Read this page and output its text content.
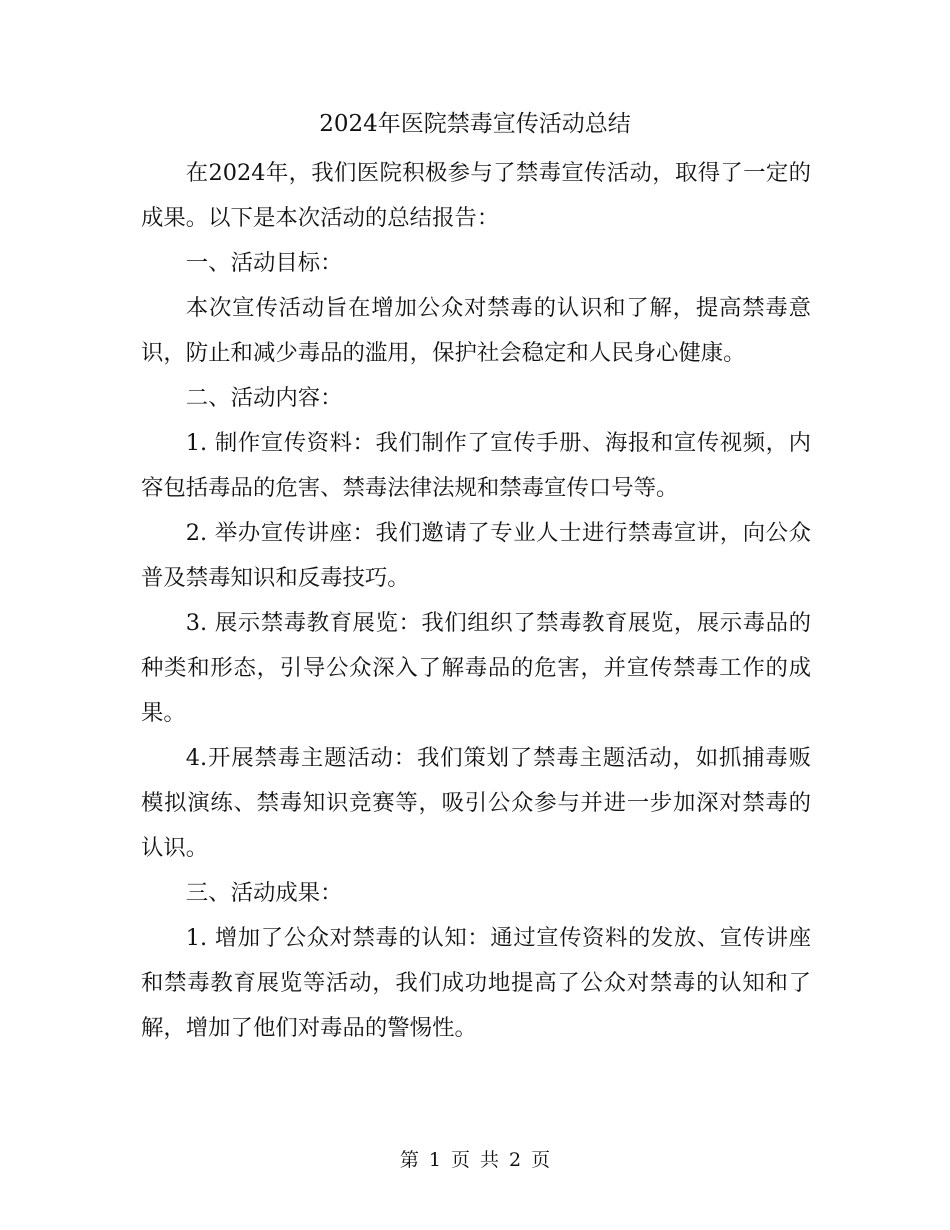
2024年医院禁毒宣传活动总结

在2024年，我们医院积极参与了禁毒宣传活动，取得了一定的成果。以下是本次活动的总结报告：

一、活动目标：

本次宣传活动旨在增加公众对禁毒的认识和了解，提高禁毒意识，防止和减少毒品的滥用，保护社会稳定和人民身心健康。

二、活动内容：

1. 制作宣传资料：我们制作了宣传手册、海报和宣传视频，内容包括毒品的危害、禁毒法律法规和禁毒宣传口号等。

2. 举办宣传讲座：我们邀请了专业人士进行禁毒宣讲，向公众普及禁毒知识和反毒技巧。

3. 展示禁毒教育展览：我们组织了禁毒教育展览，展示毒品的种类和形态，引导公众深入了解毒品的危害，并宣传禁毒工作的成果。

4.开展禁毒主题活动：我们策划了禁毒主题活动，如抓捕毒贩模拟演练、禁毒知识竞赛等，吸引公众参与并进一步加深对禁毒的认识。

三、活动成果：

1. 增加了公众对禁毒的认知：通过宣传资料的发放、宣传讲座和禁毒教育展览等活动，我们成功地提高了公众对禁毒的认知和了解，增加了他们对毒品的警惕性。

第 1 页 共 2 页
